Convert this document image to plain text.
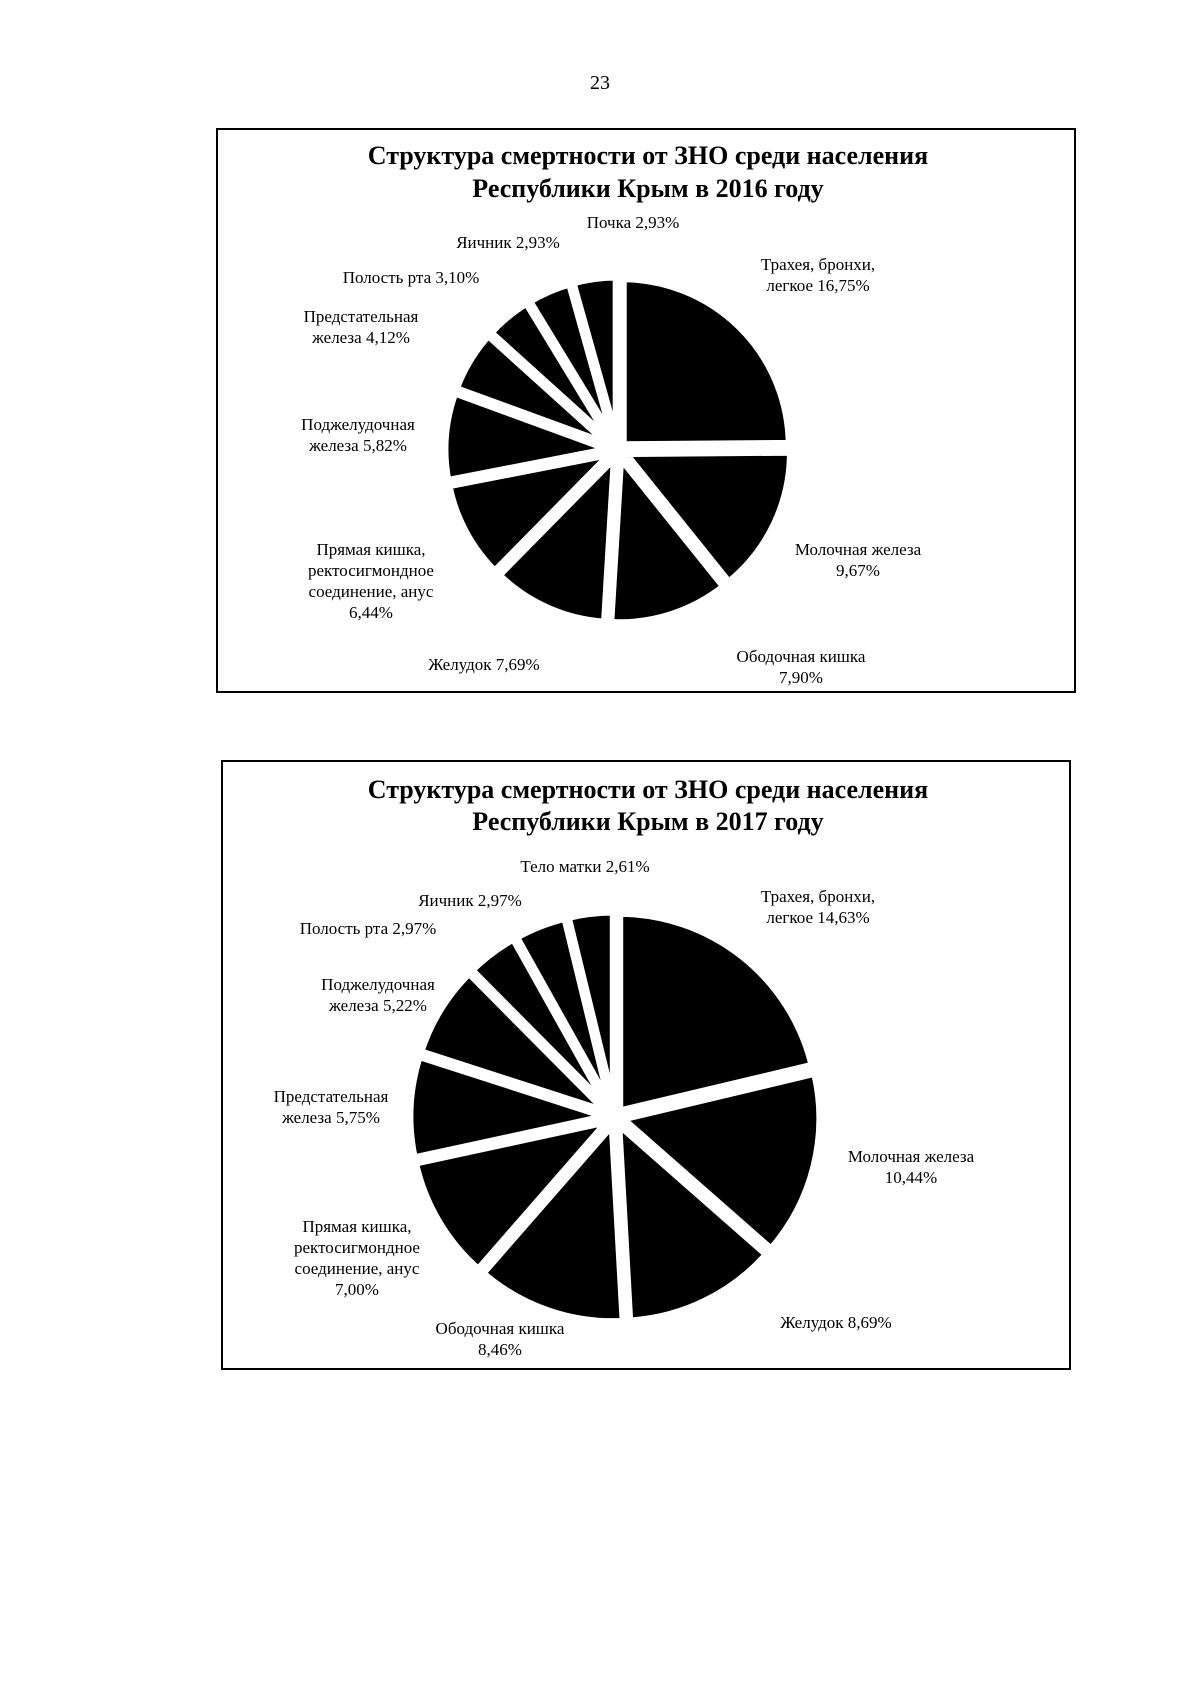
23
Структура смертности от ЗНО среди населения
Республики Крым в 2016 году
Трахея, бронхи, легкое 16,75%
Молочная железа 9,67%
Ободочная кишка 7,90%
Желудок 7,69%
Прямая кишка, ректосигмондное соединение, анус 6,44%
Поджелудочная железа 5,82%
Предстательная железа 4,12%
Полость рта 3,10%
Яичник 2,93%
Почка 2,93%
Структура смертности от ЗНО среди населения
Республики Крым в 2017 году
Трахея, бронхи, легкое 14,63%
Молочная железа 10,44%
Желудок 8,69%
Ободочная кишка 8,46%
Прямая кишка, ректосигмондное соединение, анус 7,00%
Предстательная железа 5,75%
Поджелудочная железа 5,22%
Полость рта 2,97%
Яичник 2,97%
Тело матки 2,61%
